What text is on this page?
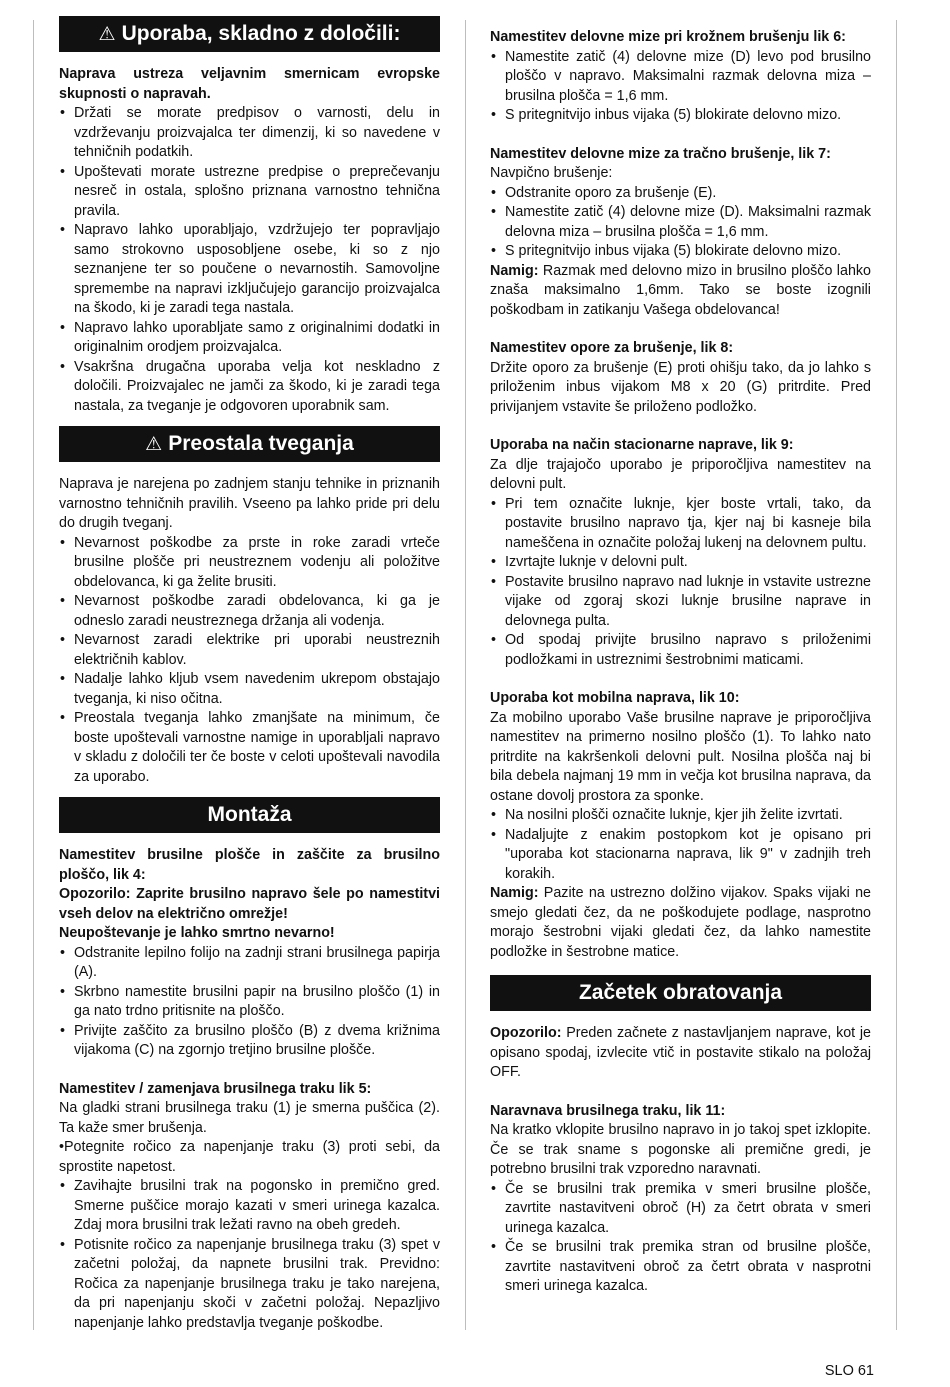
⚠ Uporaba, skladno z določili:

Naprava ustreza veljavnim smernicam evropske skupnosti o napravah.

• Držati se morate predpisov o varnosti, delu in vzdrževanju proizvajalca ter dimenzij, ki so navedene v tehničnih podatkih.
• Upoštevati morate ustrezne predpise o preprečevanju nesreč in ostala, splošno priznana varnostno tehnična pravila.
• Napravo lahko uporabljajo, vzdržujejo ter popravljajo samo strokovno usposobljene osebe, ki so z njo seznanjene ter so poučene o nevarnostih. Samovoljne spremembe na napravi izključujejo garancijo proizvajalca na škodo, ki je zaradi tega nastala.
• Napravo lahko uporabljate samo z originalnimi dodatki in originalnim orodjem proizvajalca.
• Vsakršna drugačna uporaba velja kot neskladno z določili. Proizvajalec ne jamči za škodo, ki je zaradi tega nastala, za tveganje je odgovoren uporabnik sam.
⚠ Preostala tveganja

Naprava je narejena po zadnjem stanju tehnike in priznanih varnostno tehničnih pravilih. Vseeno pa lahko pride pri delu do drugih tveganj.

• Nevarnost poškodbe za prste in roke zaradi vrteče brusilne plošče pri neustreznem vodenju ali položitve obdelovanca, ki ga želite brusiti.
• Nevarnost poškodbe zaradi obdelovanca, ki ga je odneslo zaradi neustreznega držanja ali vodenja.
• Nevarnost zaradi elektrike pri uporabi neustreznih električnih kablov.
• Nadalje lahko kljub vsem navedenim ukrepom obstajajo tveganja, ki niso očitna.
• Preostala tveganja lahko zmanjšate na minimum, če boste upoštevali varnostne namige in uporabljali napravo v skladu z določili ter če boste v celoti upoštevali navodila za uporabo.
Montaža

Namestitev brusilne plošče in zaščite za brusilno ploščo, lik 4:

Opozorilo: Zaprite brusilno napravo šele po namestitvi vseh delov na električno omrežje!

Neupoštevanje je lahko smrtno nevarno!

• Odstranite lepilno folijo na zadnji strani brusilnega papirja (A).
• Skrbno namestite brusilni papir na brusilno ploščo (1) in ga nato trdno pritisnite na ploščo.
• Privijte zaščito za brusilno ploščo (B) z dvema križnima vijakoma (C) na zgornjo tretjino brusilne plošče.

Namestitev / zamenjava brusilnega traku lik 5:

Na gladki strani brusilnega traku (1) je smerna puščica (2). Ta kaže smer brušenja.

•Potegnite ročico za napenjanje traku (3) proti sebi, da sprostite napetost.
• Zavihajte brusilni trak na pogonsko in premično gred. Smerne puščice morajo kazati v smeri urinega kazalca. Zdaj mora brusilni trak ležati ravno na obeh gredeh.
• Potisnite ročico za napenjanje brusilnega traku (3) spet v začetni položaj, da napnete brusilni trak. Previdno: Ročica za napenjanje brusilnega traku je tako narejena, da pri napenjanju skoči v začetni položaj. Nepazljivo napenjanje lahko predstavlja tveganje poškodbe.

Namestitev delovne mize pri krožnem brušenju lik 6:

• Namestite zatič (4) delovne mize (D) levo pod brusilno ploščo v napravo. Maksimalni razmak delovna miza – brusilna plošča = 1,6 mm.
• S pritegnitvijo inbus vijaka (5) blokirate delovno mizo.

Namestitev delovne mize za tračno brušenje, lik 7:

Navpično brušenje:

• Odstranite oporo za brušenje (E).
• Namestite zatič (4) delovne mize (D). Maksimalni razmak delovna miza – brusilna plošča = 1,6 mm.
• S pritegnitvijo inbus vijaka (5) blokirate delovno mizo.

Namig: Razmak med delovno mizo in brusilno ploščo lahko znaša maksimalno 1,6mm. Tako se boste izognili poškodbam in zatikanju Vašega obdelovanca!

Namestitev opore za brušenje, lik 8:

Držite oporo za brušenje (E) proti ohišju tako, da jo lahko s priloženim inbus vijakom M8 x 20 (G) pritrdite. Pred privijanjem vstavite še priloženo podložko.

Uporaba na način stacionarne naprave, lik 9:

Za dlje trajajočo uporabo je priporočljiva namestitev na delovni pult.

• Pri tem označite luknje, kjer boste vrtali, tako, da postavite brusilno napravo tja, kjer naj bi kasneje bila nameščena in označite položaj lukenj na delovnem pultu.
• Izvrtajte luknje v delovni pult.
• Postavite brusilno napravo nad luknje in vstavite ustrezne vijake od zgoraj skozi luknje brusilne naprave in delovnega pulta.
• Od spodaj privijte brusilno napravo s priloženimi podložkami in ustreznimi šestrobnimi maticami.

Uporaba kot mobilna naprava, lik 10:

Za mobilno uporabo Vaše brusilne naprave je priporočljiva namestitev na primerno nosilno ploščo (1). To lahko nato pritrdite na kakršenkoli delovni pult. Nosilna plošča naj bi bila debela najmanj 19 mm in večja kot brusilna naprava, da ostane dovolj prostora za sponke.

• Na nosilni plošči označite luknje, kjer jih želite izvrtati.
• Nadaljujte z enakim postopkom kot je opisano pri "uporaba kot stacionarna naprava, lik 9" v zadnjih treh korakih.

Namig: Pazite na ustrezno dolžino vijakov. Spaks vijaki ne smejo gledati čez, da ne poškodujete podlage, nasprotno morajo šestrobni vijaki gledati čez, da lahko namestite podložke in šestrobne matice.

Začetek obratovanja

Opozorilo: Preden začnete z nastavljanjem naprave, kot je opisano spodaj, izvlecite vtič in postavite stikalo na položaj OFF.

Naravnava brusilnega traku, lik 11:

Na kratko vklopite brusilno napravo in jo takoj spet izklopite. Če se trak sname s pogonske ali premične gredi, je potrebno brusilni trak vzporedno naravnati.

• Če se brusilni trak premika v smeri brusilne plošče, zavrtite nastavitveni obroč (H) za četrt obrata v smeri urinega kazalca.
• Če se brusilni trak premika stran od brusilne plošče, zavrtite nastavitveni obroč za četrt obrata v nasprotni smeri urinega kazalca.
SLO 61
